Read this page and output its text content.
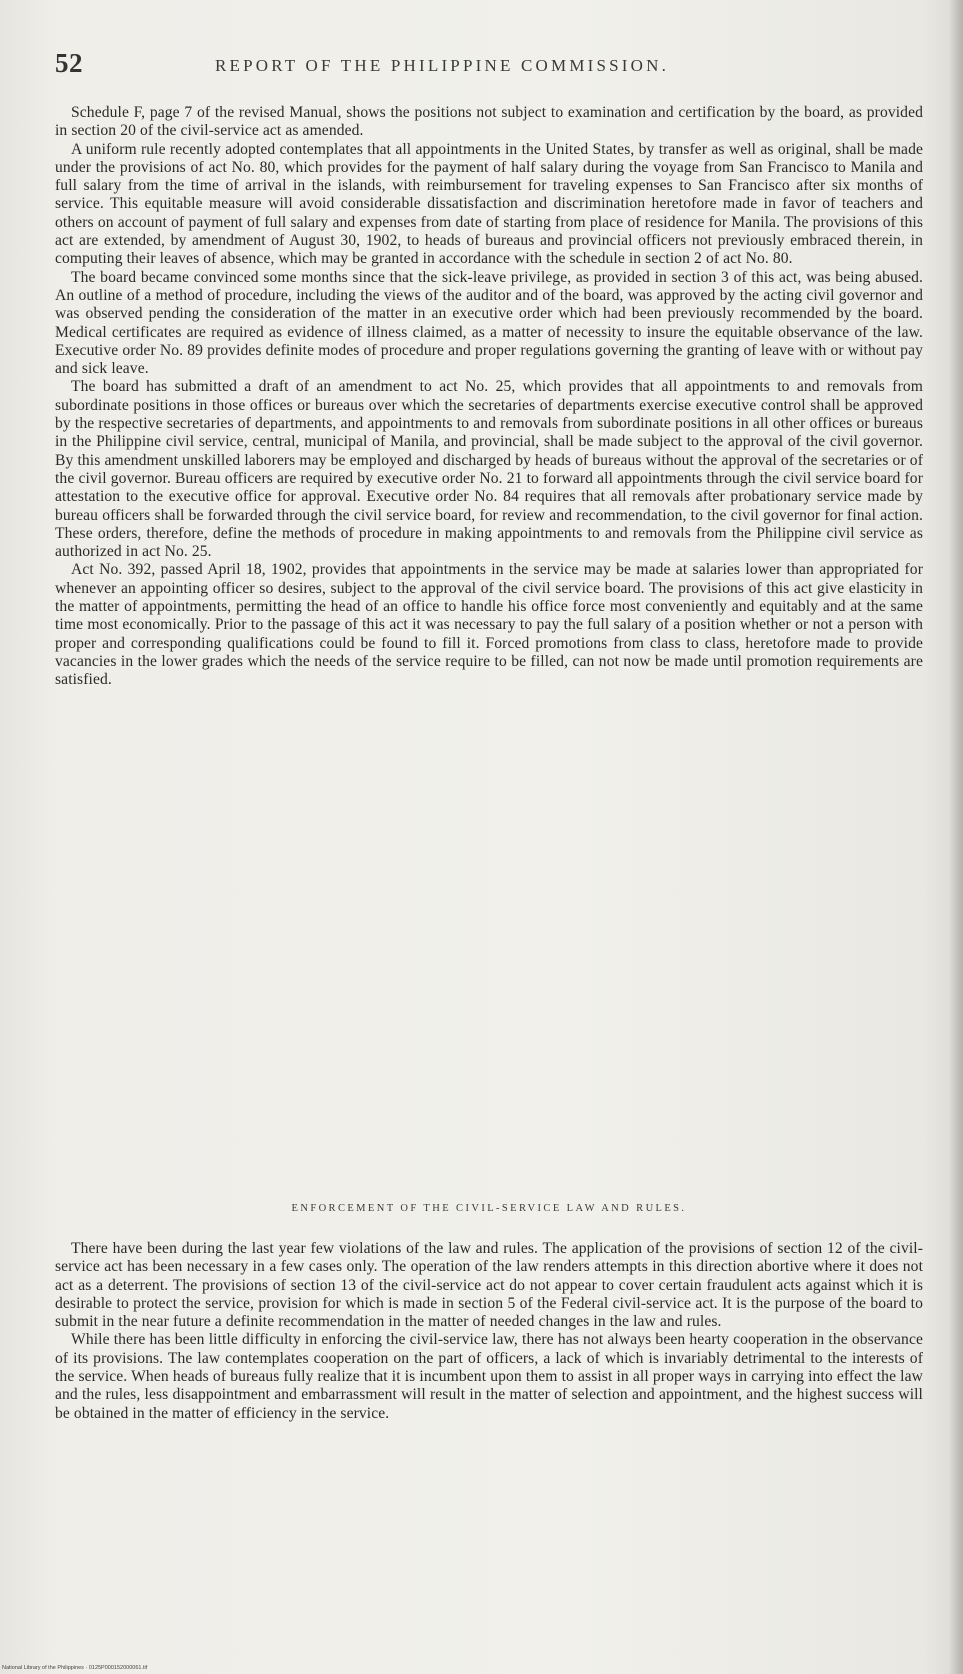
52	REPORT OF THE PHILIPPINE COMMISSION.

Schedule F, page 7 of the revised Manual, shows the positions not subject to examination and certification by the board, as provided in section 20 of the civil-service act as amended.

A uniform rule recently adopted contemplates that all appointments in the United States, by transfer as well as original, shall be made under the provisions of act No. 80, which provides for the payment of half salary during the voyage from San Francisco to Manila and full salary from the time of arrival in the islands, with reimbursement for traveling expenses to San Francisco after six months of service. This equitable measure will avoid considerable dissatisfaction and discrimination heretofore made in favor of teachers and others on account of payment of full salary and expenses from date of starting from place of residence for Manila. The provisions of this act are extended, by amendment of August 30, 1902, to heads of bureaus and provincial officers not previously embraced therein, in computing their leaves of absence, which may be granted in accordance with the schedule in section 2 of act No. 80.

The board became convinced some months since that the sick-leave privilege, as provided in section 3 of this act, was being abused. An outline of a method of procedure, including the views of the auditor and of the board, was approved by the acting civil governor and was observed pending the consideration of the matter in an executive order which had been previously recommended by the board. Medical certificates are required as evidence of illness claimed, as a matter of necessity to insure the equitable observance of the law. Executive order No. 89 provides definite modes of procedure and proper regulations governing the granting of leave with or without pay and sick leave.

The board has submitted a draft of an amendment to act No. 25, which provides that all appointments to and removals from subordinate positions in those offices or bureaus over which the secretaries of departments exercise executive control shall be approved by the respective secretaries of departments, and appointments to and removals from subordinate positions in all other offices or bureaus in the Philippine civil service, central, municipal of Manila, and provincial, shall be made subject to the approval of the civil governor. By this amendment unskilled laborers may be employed and discharged by heads of bureaus without the approval of the secretaries or of the civil governor. Bureau officers are required by executive order No. 21 to forward all appointments through the civil service board for attestation to the executive office for approval. Executive order No. 84 requires that all removals after probationary service made by bureau officers shall be forwarded through the civil service board, for review and recommendation, to the civil governor for final action. These orders, therefore, define the methods of procedure in making appointments to and removals from the Philippine civil service as authorized in act No. 25.

Act No. 392, passed April 18, 1902, provides that appointments in the service may be made at salaries lower than appropriated for whenever an appointing officer so desires, subject to the approval of the civil service board. The provisions of this act give elasticity in the matter of appointments, permitting the head of an office to handle his office force most conveniently and equitably and at the same time most economically. Prior to the passage of this act it was necessary to pay the full salary of a position whether or not a person with proper and corresponding qualifications could be found to fill it. Forced promotions from class to class, heretofore made to provide vacancies in the lower grades which the needs of the service require to be filled, can not now be made until promotion requirements are satisfied.

ENFORCEMENT OF THE CIVIL-SERVICE LAW AND RULES.

There have been during the last year few violations of the law and rules. The application of the provisions of section 12 of the civil-service act has been necessary in a few cases only. The operation of the law renders attempts in this direction abortive where it does not act as a deterrent. The provisions of section 13 of the civil-service act do not appear to cover certain fraudulent acts against which it is desirable to protect the service, provision for which is made in section 5 of the Federal civil-service act. It is the purpose of the board to submit in the near future a definite recommendation in the matter of needed changes in the law and rules.

While there has been little difficulty in enforcing the civil-service law, there has not always been hearty cooperation in the observance of its provisions. The law contemplates cooperation on the part of officers, a lack of which is invariably detrimental to the interests of the service. When heads of bureaus fully realize that it is incumbent upon them to assist in all proper ways in carrying into effect the law and the rules, less disappointment and embarrassment will result in the matter of selection and appointment, and the highest success will be obtained in the matter of efficiency in the service.

National Library of the Philippines · 0125P000152000061.tif
